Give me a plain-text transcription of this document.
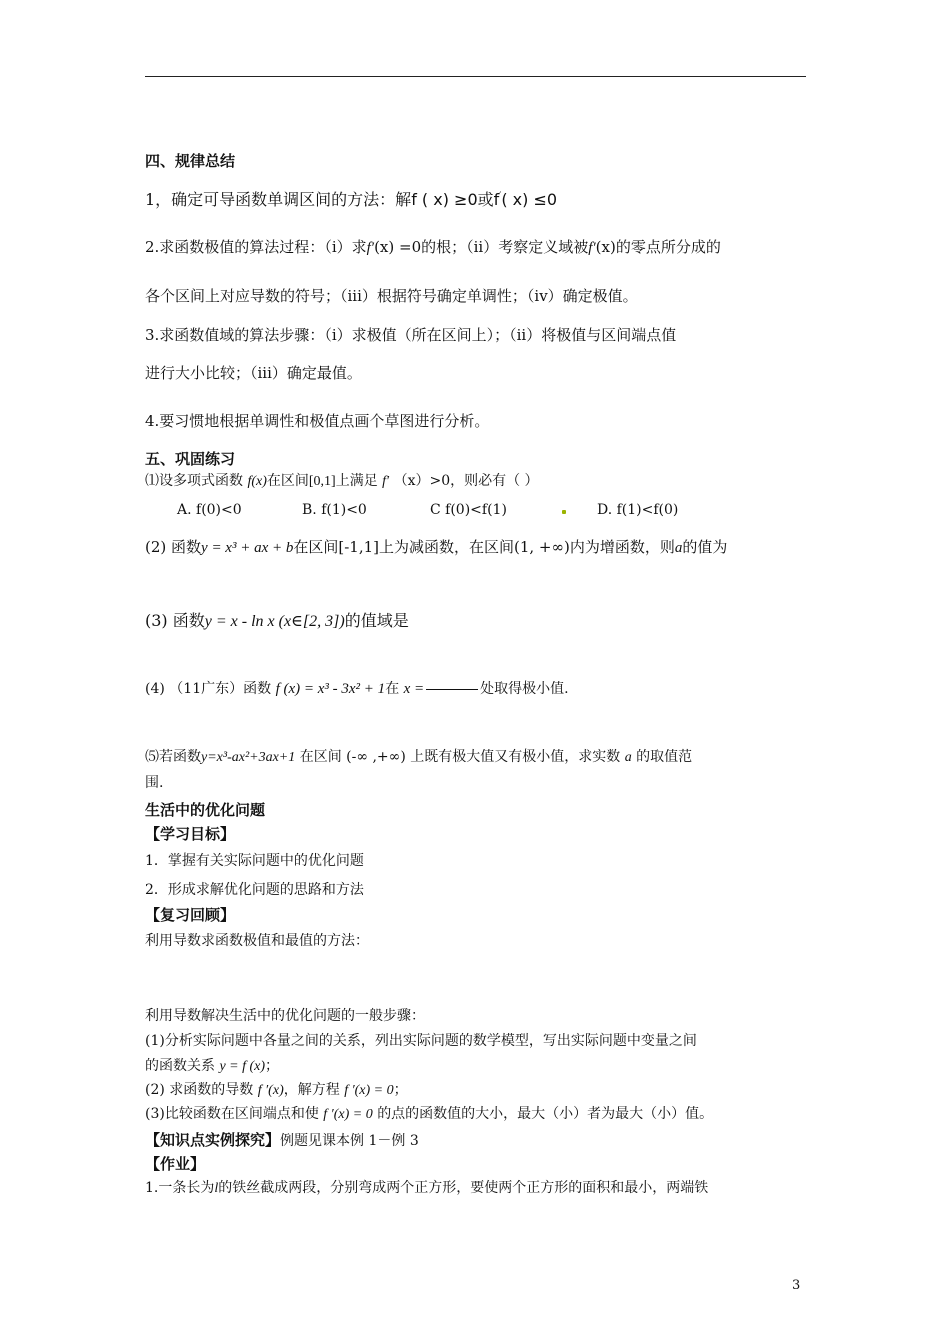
四、规律总结
1，确定可导函数单调区间的方法：解f ( x) ≥0或f′( x) ≤0
2.求函数极值的算法过程：（i）求f′(x) =0的根；（ii）考察定义域被f′(x)的零点所分成的
各个区间上对应导数的符号；（iii）根据符号确定单调性；（iv）确定极值。
3.求函数值域的算法步骤：（i）求极值（所在区间上）；（ii）将极值与区间端点值
进行大小比较；（iii）确定最值。
4.要习惯地根据单调性和极值点画个草图进行分析。
五、巩固练习
⑴设多项式函数 f(x)在区间[0,1]上满足 f′ （x）>0，则必有（ ）
A. f(0)<0	B. f(1)<0	C f(0)<f(1)	D. f(1)<f(0)
(2) 函数y = x³ + ax + b在区间[-1,1]上为减函数，在区间(1, +∞)内为增函数，则a的值为
(3) 函数y = x - ln x (x∈[2, 3])的值域是
(4) （11广东）函数 f (x) = x³ - 3x² + 1在 x =	处取得极小值.
⑸若函数y=x³-ax²+3ax+1 在区间 (-∞ ,+∞) 上既有极大值又有极小值，求实数 a 的取值范
围.
生活中的优化问题
【学习目标】
1．掌握有关实际问题中的优化问题
2．形成求解优化问题的思路和方法
【复习回顾】
利用导数求函数极值和最值的方法：
利用导数解决生活中的优化问题的一般步骤：
(1)分析实际问题中各量之间的关系，列出实际问题的数学模型，写出实际问题中变量之间
的函数关系 y = f (x)；
(2) 求函数的导数 f ′(x)，解方程 f ′(x) = 0；
(3)比较函数在区间端点和使 f ′(x) = 0 的点的函数值的大小，最大（小）者为最大（小）值。
【知识点实例探究】例题见课本例 1－例 3
【作业】
1.一条长为l的铁丝截成两段，分别弯成两个正方形，要使两个正方形的面积和最小，两端铁
3
